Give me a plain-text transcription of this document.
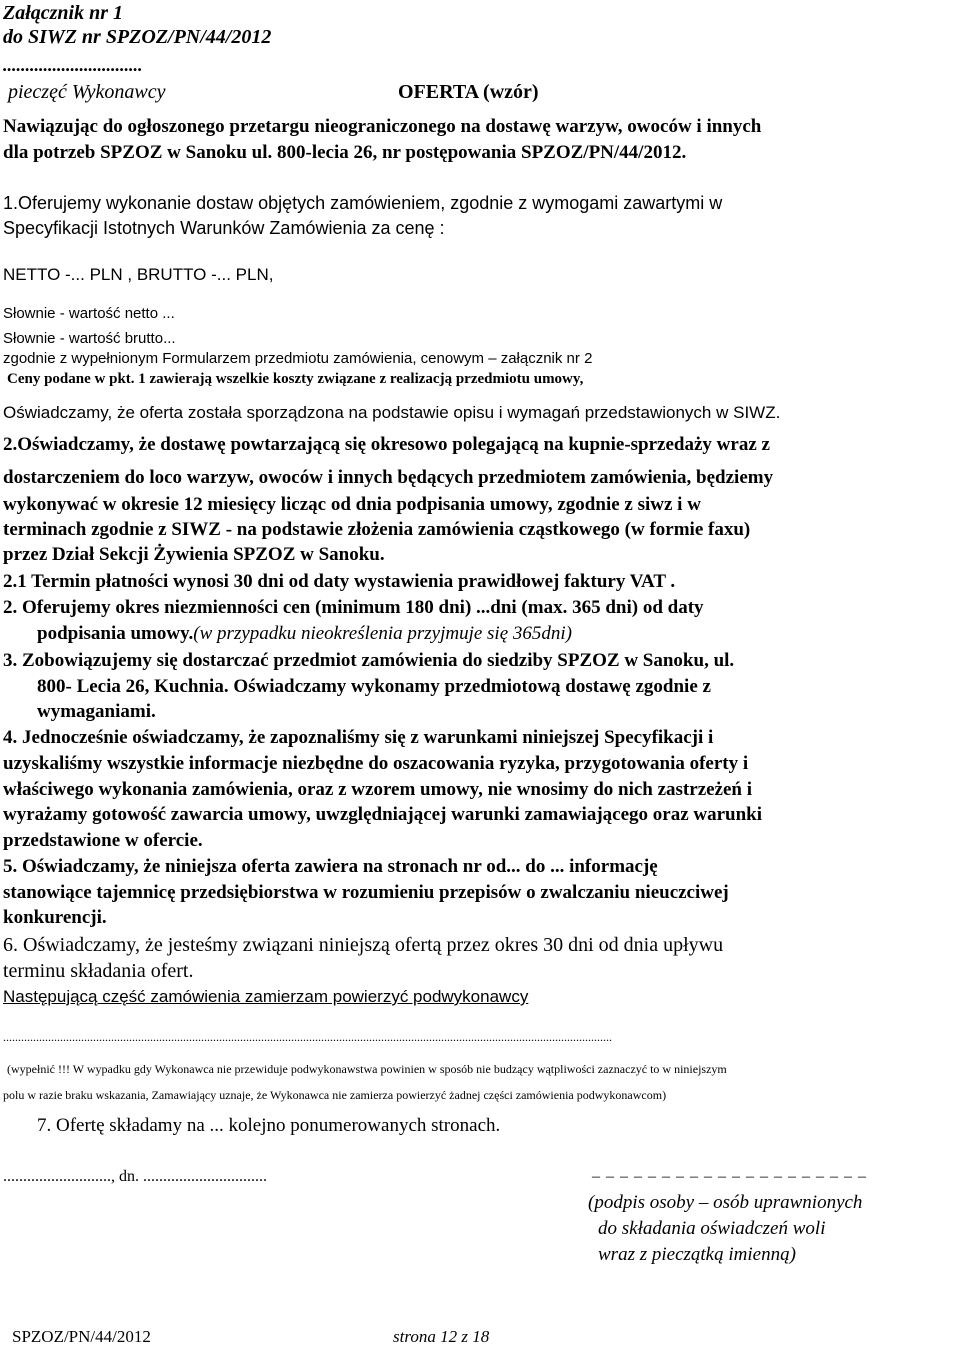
Załącznik nr 1

do SIWZ nr SPZOZ/PN/44/2012

...............................

pieczęć Wykonawcy	OFERTA (wzór)

Nawiązując do ogłoszonego przetargu nieograniczonego na dostawę warzyw, owoców i innych

dla potrzeb SPZOZ w Sanoku ul. 800-lecia 26, nr postępowania SPZOZ/PN/44/2012.

1.Oferujemy wykonanie dostaw objętych zamówieniem, zgodnie z wymogami zawartymi w

Specyfikacji Istotnych Warunków Zamówienia za cenę :

NETTO -... PLN , BRUTTO -... PLN,

Słownie - wartość netto ...

Słownie - wartość brutto...

zgodnie z wypełnionym Formularzem przedmiotu zamówienia, cenowym – załącznik nr 2

Ceny podane w pkt. 1 zawierają wszelkie koszty związane z realizacją przedmiotu umowy,

Oświadczamy, że oferta została sporządzona na podstawie opisu i wymagań przedstawionych w SIWZ.

2.Oświadczamy, że dostawę powtarzającą się okresowo polegającą na kupnie-sprzedaży wraz z

dostarczeniem do loco warzyw, owoców i innych będących przedmiotem zamówienia, będziemy

wykonywać w okresie 12 miesięcy licząc od dnia podpisania umowy, zgodnie z siwz i w

terminach zgodnie z SIWZ - na podstawie złożenia zamówienia cząstkowego (w formie faxu)

przez Dział Sekcji Żywienia SPZOZ w Sanoku.

2.1 Termin płatności wynosi 30 dni od daty wystawienia prawidłowej faktury VAT .

2. Oferujemy okres niezmienności cen (minimum 180 dni) ...dni (max. 365 dni) od daty

podpisania umowy.(w przypadku nieokreślenia przyjmuje się 365dni)

3. Zobowiązujemy się dostarczać przedmiot zamówienia do siedziby SPZOZ w Sanoku, ul.

800- Lecia 26, Kuchnia. Oświadczamy wykonamy przedmiotową dostawę zgodnie z

wymaganiami.

4. Jednocześnie oświadczamy, że zapoznaliśmy się z warunkami niniejszej Specyfikacji i

uzyskaliśmy wszystkie informacje niezbędne do oszacowania ryzyka, przygotowania oferty i

właściwego wykonania zamówienia, oraz z wzorem umowy, nie wnosimy do nich zastrzeżeń i

wyrażamy gotowość zawarcia umowy, uwzględniającej warunki zamawiającego oraz warunki

przedstawione w ofercie.

5. Oświadczamy, że niniejsza oferta zawiera na stronach nr od... do ... informację

stanowiące tajemnicę przedsiębiorstwa w rozumieniu przepisów o zwalczaniu nieuczciwej

konkurencji.

6. Oświadczamy, że jesteśmy związani niniejszą ofertą przez okres 30 dni od dnia upływu

terminu składania ofert.

Następującą część zamówienia zamierzam powierzyć podwykonawcy

...........................................................................................................................................................................................................

(wypełnić !!! W wypadku gdy Wykonawca nie przewiduje podwykonawstwa powinien w sposób nie budzący wątpliwości zaznaczyć to w niniejszym

polu w razie braku wskazania, Zamawiający uznaje, że Wykonawca nie zamierza powierzyć żadnej części zamówienia podwykonawcom)

7. Ofertę składamy na ... kolejno ponumerowanych stronach.

..........................., dn. ...............................	– – – – – – – – – – – – – – – – – – – –

(podpis osoby – osób uprawnionych

do składania oświadczeń woli

wraz z pieczątką imienną)

SPZOZ/PN/44/2012	strona 12 z 18
